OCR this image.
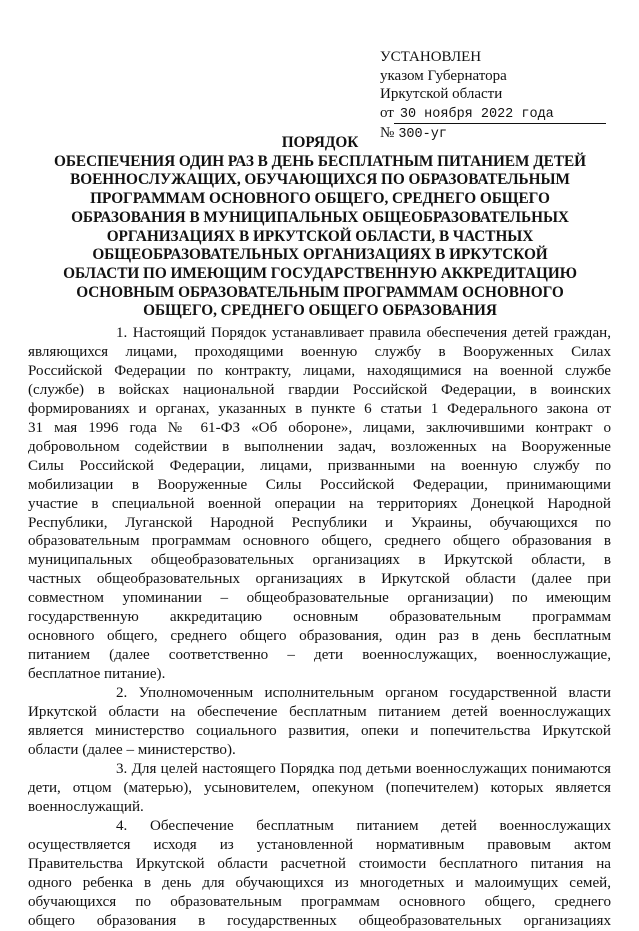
УСТАНОВЛЕН
указом Губернатора
Иркутской области
от 30 ноября 2022 года
№ 300-уг
ПОРЯДОК
ОБЕСПЕЧЕНИЯ ОДИН РАЗ В ДЕНЬ БЕСПЛАТНЫМ ПИТАНИЕМ ДЕТЕЙ
ВОЕННОСЛУЖАЩИХ, ОБУЧАЮЩИХСЯ ПО ОБРАЗОВАТЕЛЬНЫМ
ПРОГРАММАМ ОСНОВНОГО ОБЩЕГО, СРЕДНЕГО ОБЩЕГО
ОБРАЗОВАНИЯ В МУНИЦИПАЛЬНЫХ ОБЩЕОБРАЗОВАТЕЛЬНЫХ
ОРГАНИЗАЦИЯХ В ИРКУТСКОЙ ОБЛАСТИ, В ЧАСТНЫХ
ОБЩЕОБРАЗОВАТЕЛЬНЫХ ОРГАНИЗАЦИЯХ В ИРКУТСКОЙ
ОБЛАСТИ ПО ИМЕЮЩИМ ГОСУДАРСТВЕННУЮ АККРЕДИТАЦИЮ
ОСНОВНЫМ ОБРАЗОВАТЕЛЬНЫМ ПРОГРАММАМ ОСНОВНОГО
ОБЩЕГО, СРЕДНЕГО ОБЩЕГО ОБРАЗОВАНИЯ
1. Настоящий Порядок устанавливает правила обеспечения детей граждан,
являющихся лицами, проходящими военную службу в Вооруженных Силах
Российской Федерации по контракту, лицами, находящимися на военной службе
(службе) в войсках национальной гвардии Российской Федерации, в воинских
формированиях и органах, указанных в пункте 6 статьи 1 Федерального закона от
31 мая 1996 года № 61-ФЗ «Об обороне», лицами, заключившими контракт о
добровольном содействии в выполнении задач, возложенных на Вооруженные
Силы Российской Федерации, лицами, призванными на военную службу по
мобилизации в Вооруженные Силы Российской Федерации, принимающими
участие в специальной военной операции на территориях Донецкой Народной
Республики, Луганской Народной Республики и Украины, обучающихся по
образовательным программам основного общего, среднего общего образования в
муниципальных общеобразовательных организациях в Иркутской области, в
частных общеобразовательных организациях в Иркутской области (далее при
совместном упоминании – общеобразовательные организации) по имеющим
государственную аккредитацию основным образовательным программам
основного общего, среднего общего образования, один раз в день бесплатным
питанием (далее соответственно – дети военнослужащих, военнослужащие,
бесплатное питание).
2. Уполномоченным исполнительным органом государственной власти
Иркутской области на обеспечение бесплатным питанием детей военнослужащих
является министерство социального развития, опеки и попечительства Иркутской
области (далее – министерство).
3. Для целей настоящего Порядка под детьми военнослужащих понимаются
дети, отцом (матерью), усыновителем, опекуном (попечителем) которых является
военнослужащий.
4. Обеспечение бесплатным питанием детей военнослужащих
осуществляется исходя из установленной нормативным правовым актом
Правительства Иркутской области расчетной стоимости бесплатного питания на
одного ребенка в день для обучающихся из многодетных и малоимущих семей,
обучающихся по образовательным программам основного общего, среднего
общего образования в государственных общеобразовательных организациях
